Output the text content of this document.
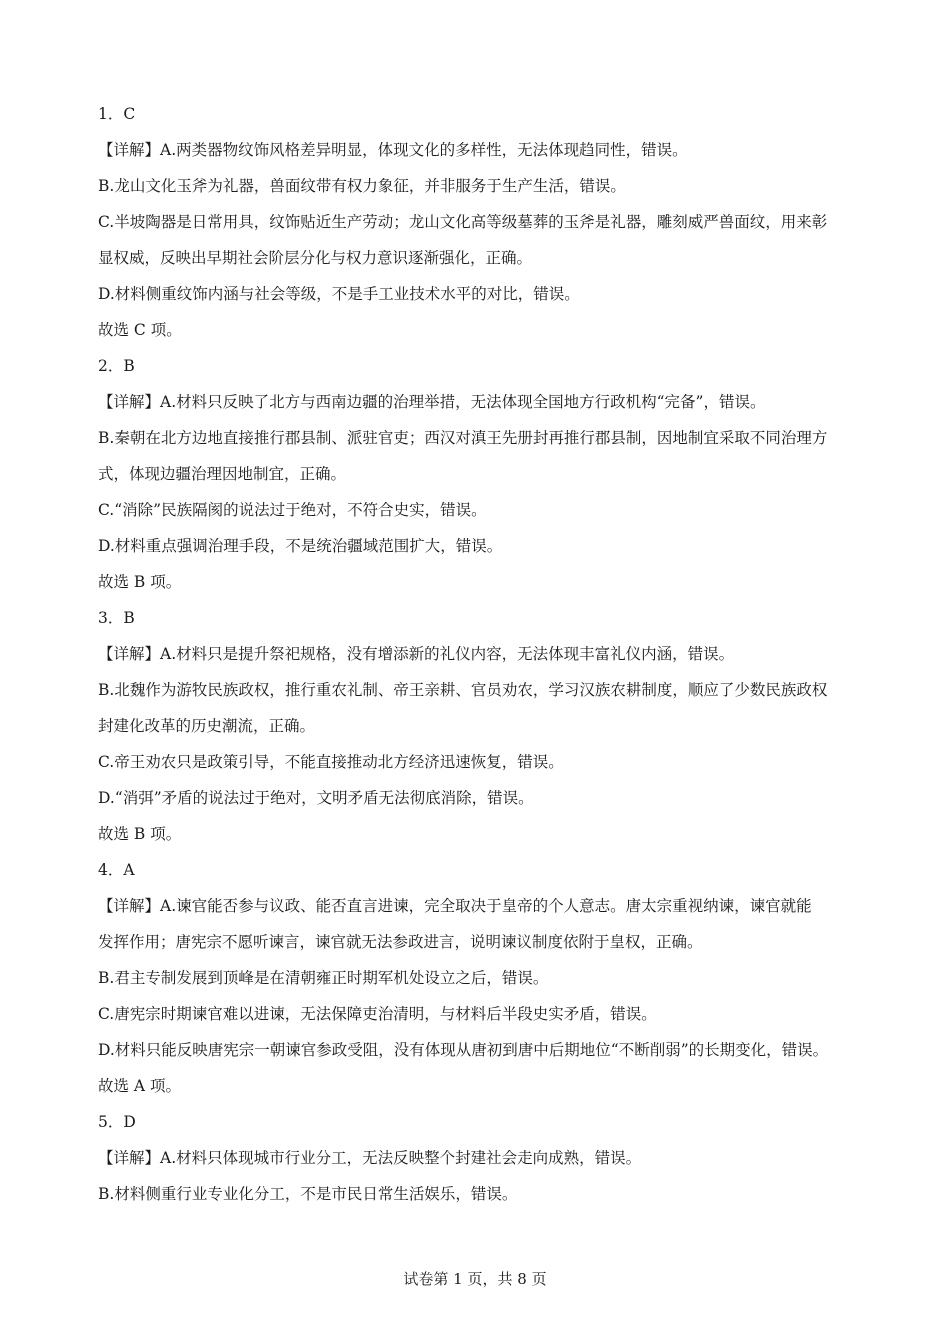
1．C
【详解】A.两类器物纹饰风格差异明显，体现文化的多样性，无法体现趋同性，错误。
B.龙山文化玉斧为礼器，兽面纹带有权力象征，并非服务于生产生活，错误。
C.半坡陶器是日常用具，纹饰贴近生产劳动；龙山文化高等级墓葬的玉斧是礼器，雕刻威严兽面纹，用来彰
显权威，反映出早期社会阶层分化与权力意识逐渐强化，正确。
D.材料侧重纹饰内涵与社会等级，不是手工业技术水平的对比，错误。
故选 C 项。
2．B
【详解】A.材料只反映了北方与西南边疆的治理举措，无法体现全国地方行政机构“完备”，错误。
B.秦朝在北方边地直接推行郡县制、派驻官吏；西汉对滇王先册封再推行郡县制，因地制宜采取不同治理方
式，体现边疆治理因地制宜，正确。
C.“消除”民族隔阂的说法过于绝对，不符合史实，错误。
D.材料重点强调治理手段，不是统治疆域范围扩大，错误。
故选 B 项。
3．B
【详解】A.材料只是提升祭祀规格，没有增添新的礼仪内容，无法体现丰富礼仪内涵，错误。
B.北魏作为游牧民族政权，推行重农礼制、帝王亲耕、官员劝农，学习汉族农耕制度，顺应了少数民族政权
封建化改革的历史潮流，正确。
C.帝王劝农只是政策引导，不能直接推动北方经济迅速恢复，错误。
D.“消弭”矛盾的说法过于绝对，文明矛盾无法彻底消除，错误。
故选 B 项。
4．A
【详解】A.谏官能否参与议政、能否直言进谏，完全取决于皇帝的个人意志。唐太宗重视纳谏，谏官就能
发挥作用；唐宪宗不愿听谏言，谏官就无法参政进言，说明谏议制度依附于皇权，正确。
B.君主专制发展到顶峰是在清朝雍正时期军机处设立之后，错误。
C.唐宪宗时期谏官难以进谏，无法保障吏治清明，与材料后半段史实矛盾，错误。
D.材料只能反映唐宪宗一朝谏官参政受阻，没有体现从唐初到唐中后期地位“不断削弱”的长期变化，错误。
故选 A 项。
5．D
【详解】A.材料只体现城市行业分工，无法反映整个封建社会走向成熟，错误。
B.材料侧重行业专业化分工，不是市民日常生活娱乐，错误。
试卷第 1 页，共 8 页
